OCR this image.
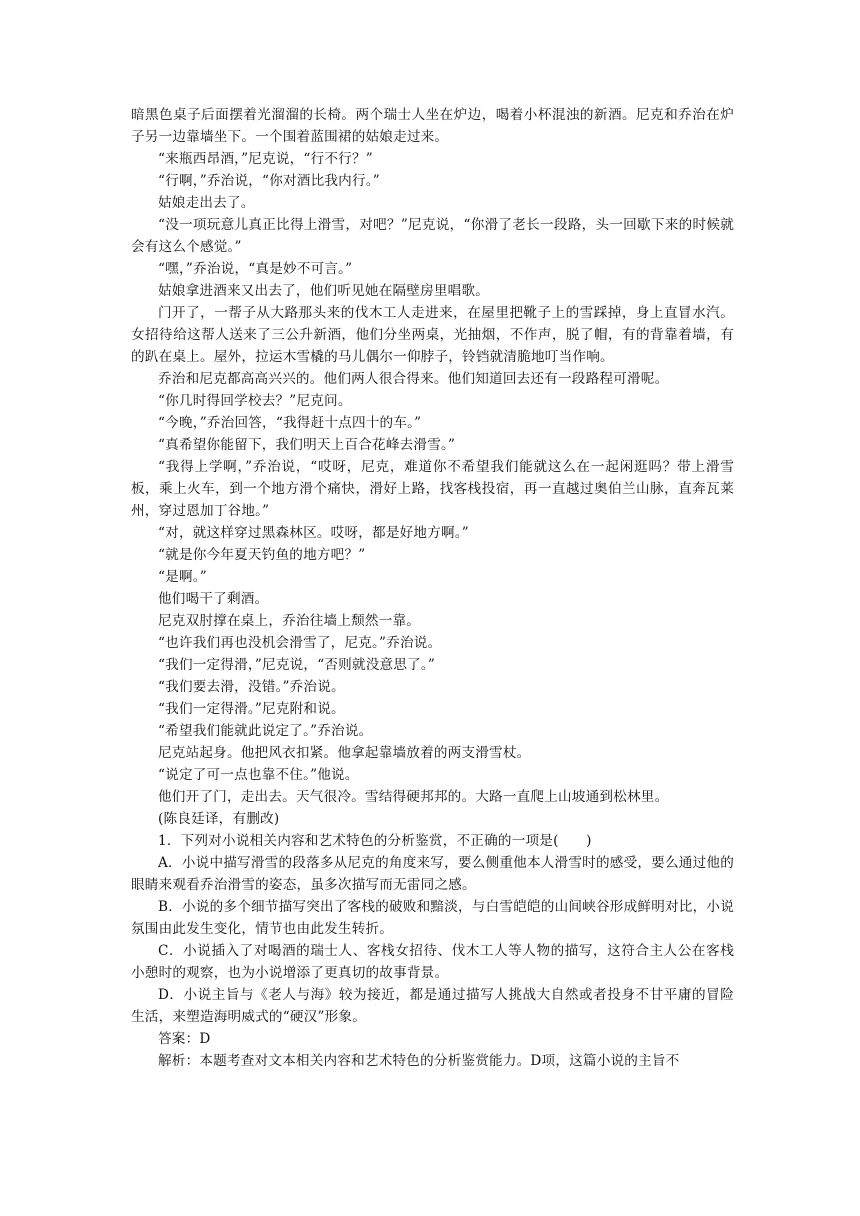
暗黑色桌子后面摆着光溜溜的长椅。两个瑞士人坐在炉边，喝着小杯混浊的新酒。尼克和乔治在炉子另一边靠墙坐下。一个围着蓝围裙的姑娘走过来。

“来瓶西昂酒，”尼克说，“行不行？”

“行啊，”乔治说，“你对酒比我内行。”

姑娘走出去了。

“没一项玩意儿真正比得上滑雪，对吧？”尼克说，“你滑了老长一段路，头一回歇下来的时候就会有这么个感觉。”

“嘿，”乔治说，“真是妙不可言。”

姑娘拿进酒来又出去了，他们听见她在隔壁房里唱歌。

门开了，一帮子从大路那头来的伐木工人走进来，在屋里把靴子上的雪踩掉，身上直冒水汽。女招待给这帮人送来了三公升新酒，他们分坐两桌，光抽烟，不作声，脱了帽，有的背靠着墙，有的趴在桌上。屋外，拉运木雪橇的马儿偶尔一仰脖子，铃铛就清脆地叮当作响。

乔治和尼克都高高兴兴的。他们两人很合得来。他们知道回去还有一段路程可滑呢。

“你几时得回学校去？”尼克问。

“今晚，”乔治回答，“我得赶十点四十的车。”

“真希望你能留下，我们明天上百合花峰去滑雪。”

“我得上学啊，”乔治说，“哎呀，尼克，难道你不希望我们能就这么在一起闲逛吗？带上滑雪板，乘上火车，到一个地方滑个痛快，滑好上路，找客栈投宿，再一直越过奥伯兰山脉，直奔瓦莱州，穿过恩加丁谷地。”

“对，就这样穿过黑森林区。哎呀，都是好地方啊。”

“就是你今年夏天钓鱼的地方吧？”

“是啊。”

他们喝干了剩酒。

尼克双肘撑在桌上，乔治往墙上颓然一靠。

“也许我们再也没机会滑雪了，尼克。”乔治说。

“我们一定得滑，”尼克说，“否则就没意思了。”

“我们要去滑，没错。”乔治说。

“我们一定得滑。”尼克附和说。

“希望我们能就此说定了。”乔治说。

尼克站起身。他把风衣扣紧。他拿起靠墙放着的两支滑雪杖。

“说定了可一点也靠不住。”他说。

他们开了门，走出去。天气很冷。雪结得硬邦邦的。大路一直爬上山坡通到松林里。

(陈良廷译，有删改)

1．下列对小说相关内容和艺术特色的分析鉴赏，不正确的一项是(　　)

A．小说中描写滑雪的段落多从尼克的角度来写，要么侧重他本人滑雪时的感受，要么通过他的眼睛来观看乔治滑雪的姿态，虽多次描写而无雷同之感。

B．小说的多个细节描写突出了客栈的破败和黯淡，与白雪皑皑的山间峡谷形成鲜明对比，小说氛围由此发生变化，情节也由此发生转折。

C．小说插入了对喝酒的瑞士人、客栈女招待、伐木工人等人物的描写，这符合主人公在客栈小憩时的观察，也为小说增添了更真切的故事背景。

D．小说主旨与《老人与海》较为接近，都是通过描写人挑战大自然或者投身不甘平庸的冒险生活，来塑造海明威式的“硬汉”形象。

答案：D

解析：本题考查对文本相关内容和艺术特色的分析鉴赏能力。D项，这篇小说的主旨不
